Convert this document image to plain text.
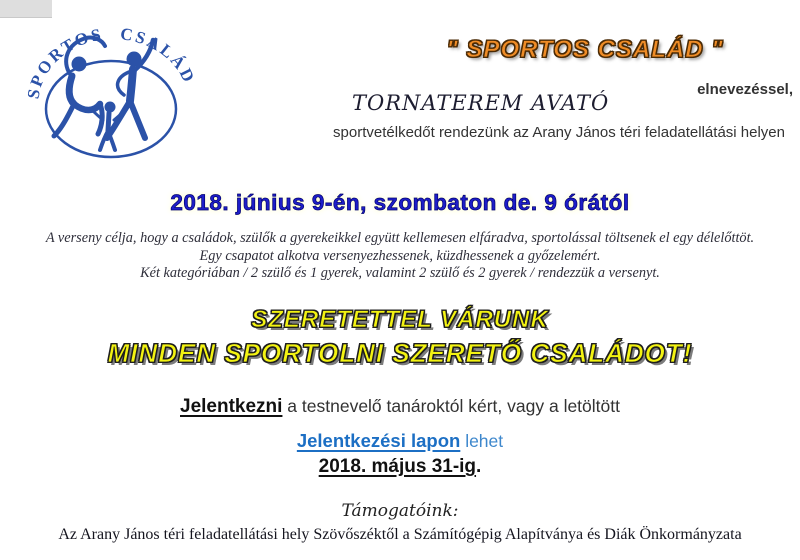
SPORTOS CSALÁD
" SPORTOS CSALÁD "
elnevezéssel,
TORNATEREM AVATÓ
sportvetélkedőt rendezünk az Arany János téri feladatellátási helyen
2018. június 9-én, szombaton de. 9 órától
A verseny célja, hogy a családok, szülők a gyerekeikkel együtt kellemesen elfáradva, sportolással töltsenek el egy délelőttöt.
Egy csapatot alkotva versenyezhessenek, küzdhessenek a győzelemért.
Két kategóriában / 2 szülő és 1 gyerek, valamint 2 szülő és 2 gyerek / rendezzük a versenyt.
SZERETETTEL VÁRUNK
MINDEN SPORTOLNI SZERETŐ CSALÁDOT!
Jelentkezni a testnevelő tanároktól kért, vagy a letöltött
Jelentkezési lapon lehet
2018. május 31-ig.
Támogatóink:
Az Arany János téri feladatellátási hely Szövőszéktől a Számítógépig Alapítványa és Diák Önkormányzata
